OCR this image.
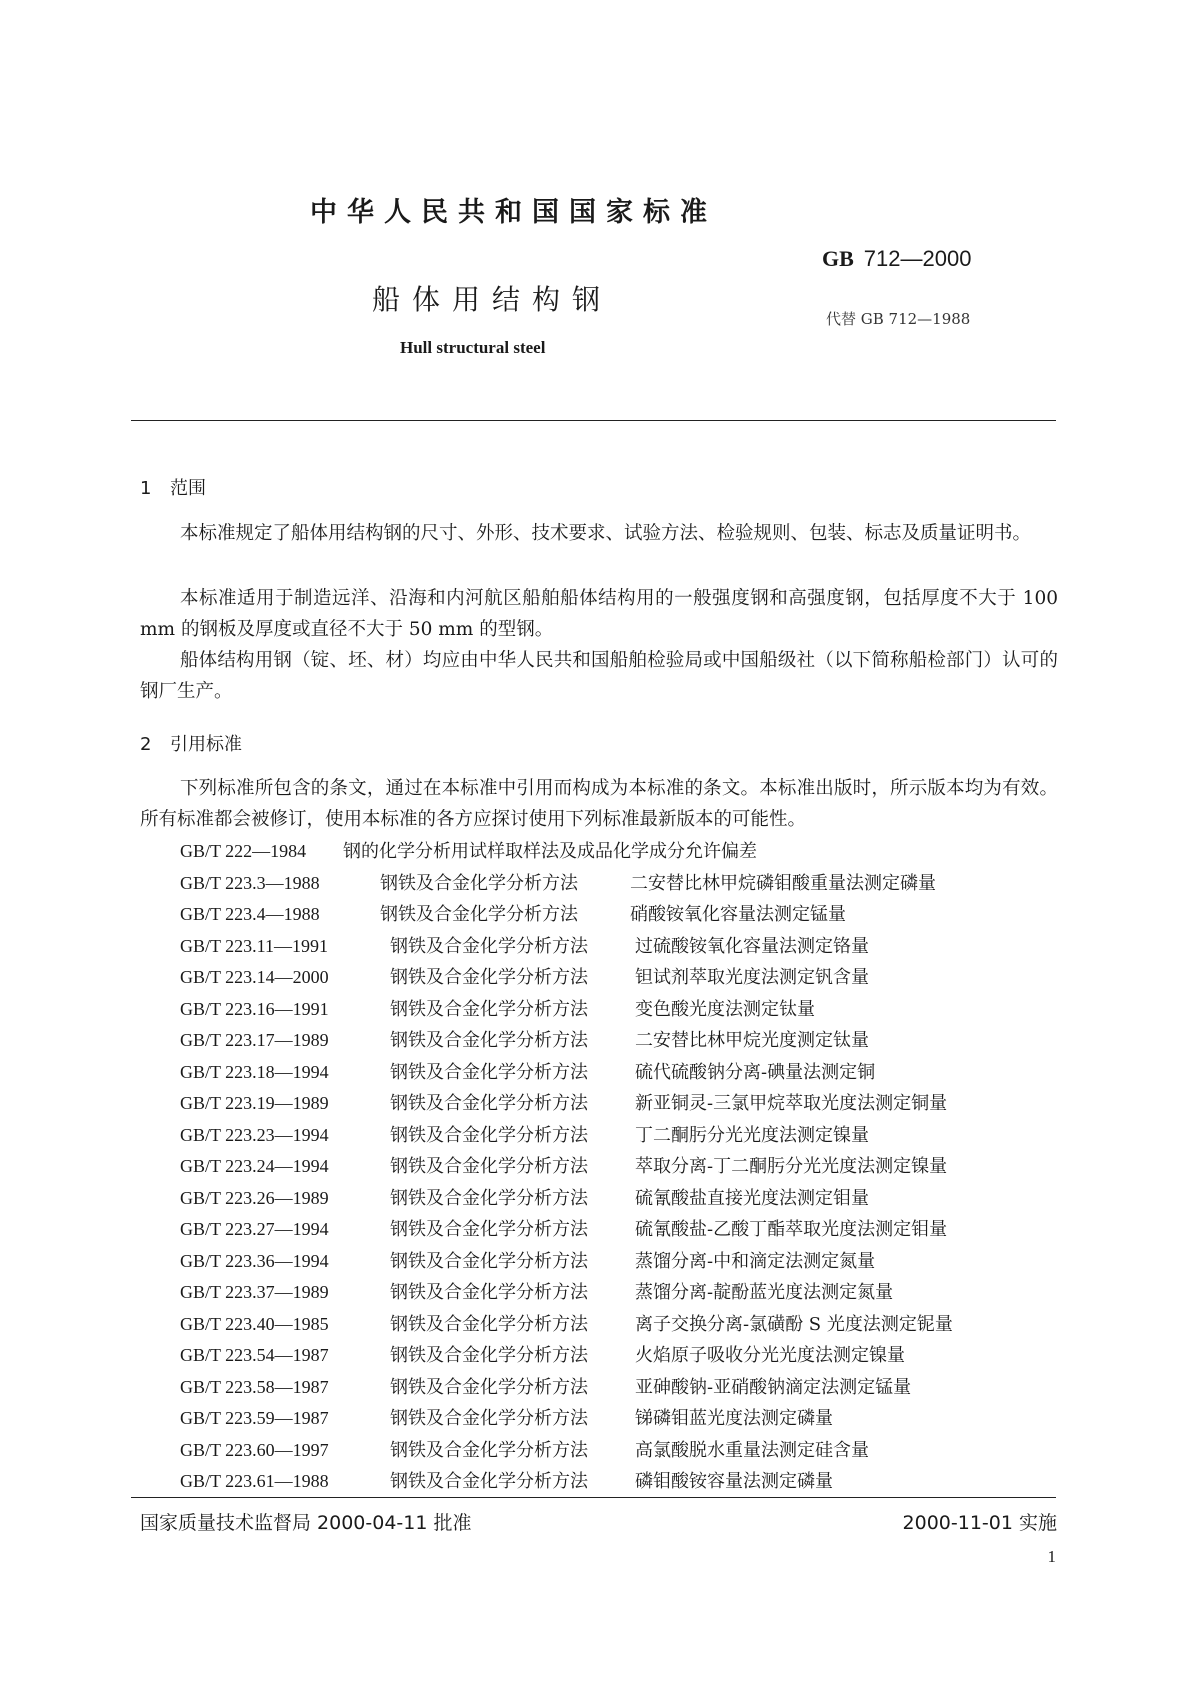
中华人民共和国国家标准
GB 712—2000
船体用结构钢
代替 GB 712—1988
Hull structural steel
1 范围
本标准规定了船体用结构钢的尺寸、外形、技术要求、试验方法、检验规则、包装、标志及质量证明书。
本标准适用于制造远洋、沿海和内河航区船舶船体结构用的一般强度钢和高强度钢，包括厚度不大于 100 mm 的钢板及厚度或直径不大于 50 mm 的型钢。
船体结构用钢（锭、坯、材）均应由中华人民共和国船舶检验局或中国船级社（以下简称船检部门）认可的钢厂生产。
2 引用标准
下列标准所包含的条文，通过在本标准中引用而构成为本标准的条文。本标准出版时，所示版本均为有效。所有标准都会被修订，使用本标准的各方应探讨使用下列标准最新版本的可能性。
GB/T 222—1984 钢的化学分析用试样取样法及成品化学成分允许偏差
GB/T 223.3—1988	钢铁及合金化学分析方法	二安替比林甲烷磷钼酸重量法测定磷量
GB/T 223.4—1988	钢铁及合金化学分析方法	硝酸铵氧化容量法测定锰量
GB/T 223.11—1991	钢铁及合金化学分析方法	过硫酸铵氧化容量法测定铬量
GB/T 223.14—2000	钢铁及合金化学分析方法	钽试剂萃取光度法测定钒含量
GB/T 223.16—1991	钢铁及合金化学分析方法	变色酸光度法测定钛量
GB/T 223.17—1989	钢铁及合金化学分析方法	二安替比林甲烷光度测定钛量
GB/T 223.18—1994	钢铁及合金化学分析方法	硫代硫酸钠分离-碘量法测定铜
GB/T 223.19—1989	钢铁及合金化学分析方法	新亚铜灵-三氯甲烷萃取光度法测定铜量
GB/T 223.23—1994	钢铁及合金化学分析方法	丁二酮肟分光光度法测定镍量
GB/T 223.24—1994	钢铁及合金化学分析方法	萃取分离-丁二酮肟分光光度法测定镍量
GB/T 223.26—1989	钢铁及合金化学分析方法	硫氰酸盐直接光度法测定钼量
GB/T 223.27—1994	钢铁及合金化学分析方法	硫氰酸盐-乙酸丁酯萃取光度法测定钼量
GB/T 223.36—1994	钢铁及合金化学分析方法	蒸馏分离-中和滴定法测定氮量
GB/T 223.37—1989	钢铁及合金化学分析方法	蒸馏分离-靛酚蓝光度法测定氮量
GB/T 223.40—1985	钢铁及合金化学分析方法	离子交换分离-氯磺酚 S 光度法测定铌量
GB/T 223.54—1987	钢铁及合金化学分析方法	火焰原子吸收分光光度法测定镍量
GB/T 223.58—1987	钢铁及合金化学分析方法	亚砷酸钠-亚硝酸钠滴定法测定锰量
GB/T 223.59—1987	钢铁及合金化学分析方法	锑磷钼蓝光度法测定磷量
GB/T 223.60—1997	钢铁及合金化学分析方法	高氯酸脱水重量法测定硅含量
GB/T 223.61—1988	钢铁及合金化学分析方法	磷钼酸铵容量法测定磷量
国家质量技术监督局 2000-04-11 批准	2000-11-01 实施
1
